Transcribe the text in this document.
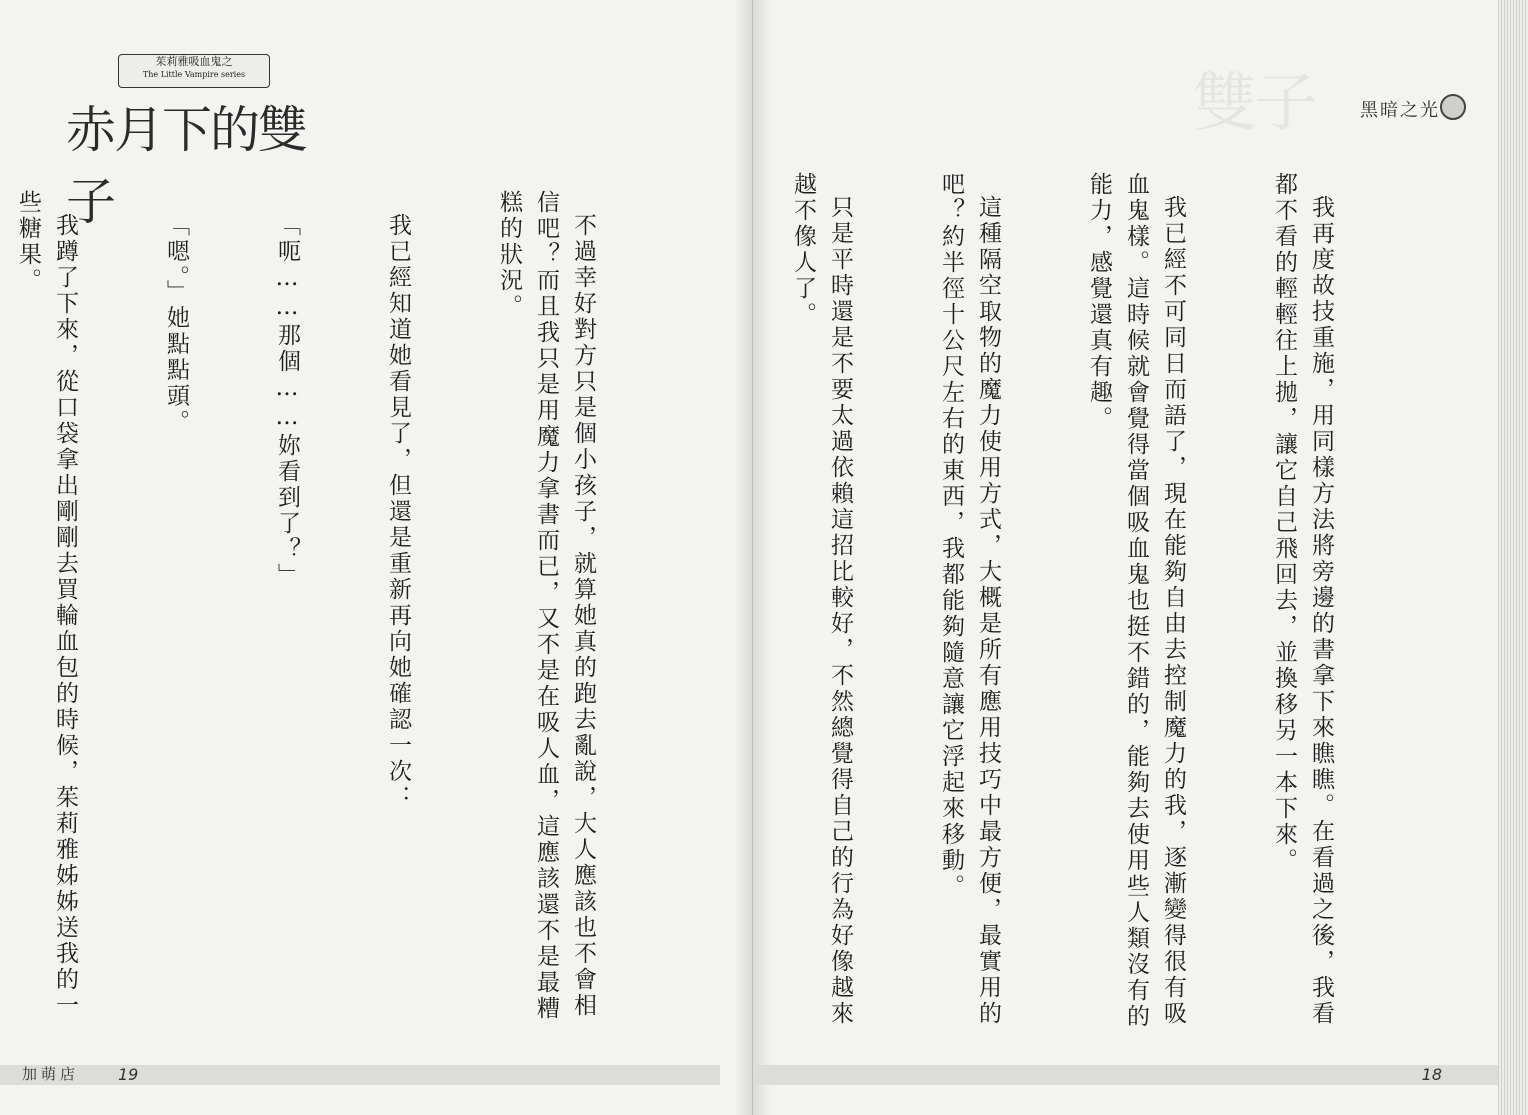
茱莉雅吸血鬼之
The Little Vampire series
赤月下的雙子

不過幸好對方只是個小孩子，就算她真的跑去亂說，大人應該也不會相信吧？而且我只是用魔力拿書而已，又不是在吸人血，這應該還不是最糟糕的狀況。

我已經知道她看見了，但還是重新再向她確認一次：

「呃……那個……妳看到了？」

「嗯。」她點點頭。

我蹲了下來，從口袋拿出剛剛去買輪血包的時候，茱莉雅姊姊送我的一些糖果。

加萌店 19
雙子	黑暗之光

我再度故技重施，用同樣方法將旁邊的書拿下來瞧瞧。在看過之後，我看都不看的輕輕往上拋，讓它自己飛回去，並換移另一本下來。

我已經不可同日而語了，現在能夠自由去控制魔力的我，逐漸變得很有吸血鬼樣。這時候就會覺得當個吸血鬼也挺不錯的，能夠去使用些人類沒有的能力，感覺還真有趣。

這種隔空取物的魔力使用方式，大概是所有應用技巧中最方便，最實用的吧？約半徑十公尺左右的東西，我都能夠隨意讓它浮起來移動。

只是平時還是不要太過依賴這招比較好，不然總覺得自己的行為好像越來越不像人了。

18
